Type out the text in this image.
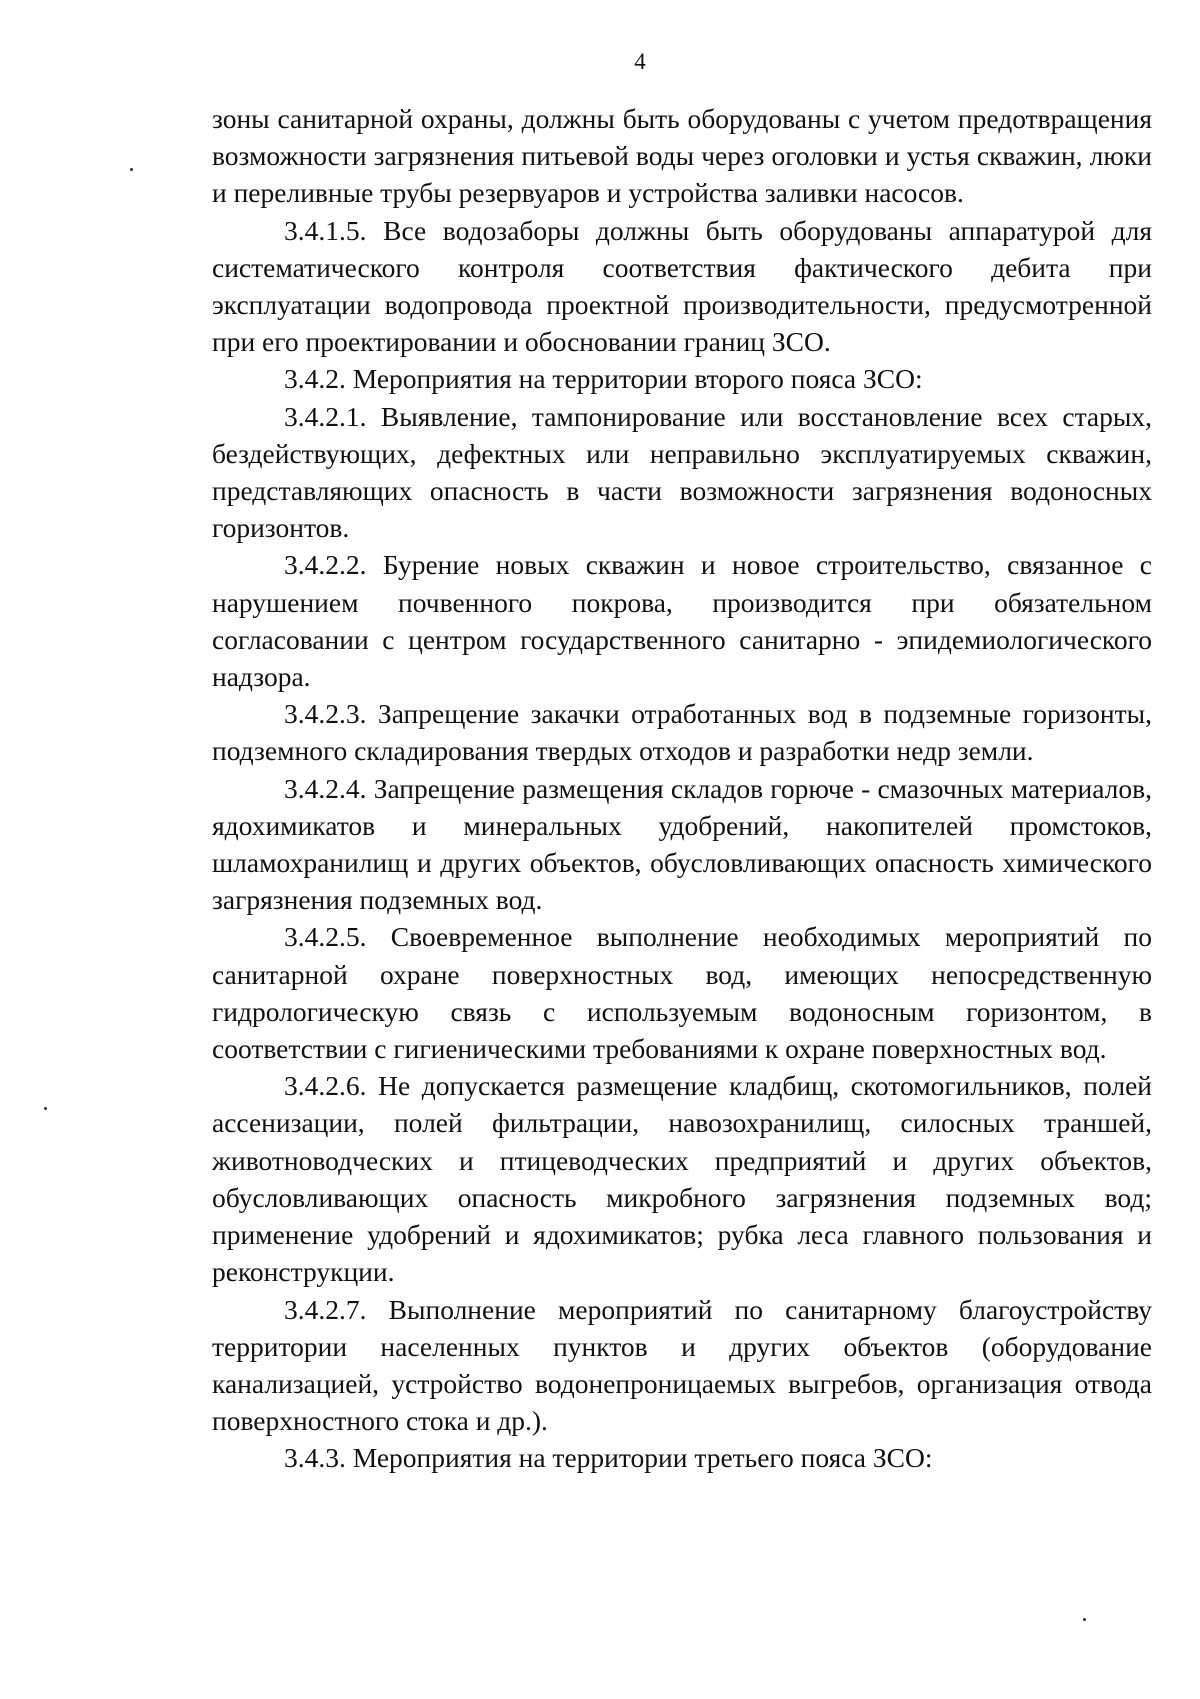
4

зоны санитарной охраны, должны быть оборудованы с учетом предотвращения возможности загрязнения питьевой воды через оголовки и устья скважин, люки и переливные трубы резервуаров и устройства заливки насосов.

3.4.1.5. Все водозаборы должны быть оборудованы аппаратурой для систематического контроля соответствия фактического дебита при эксплуатации водопровода проектной производительности, предусмотренной при его проектировании и обосновании границ ЗСО.

3.4.2. Мероприятия на территории второго пояса ЗСО:

3.4.2.1. Выявление, тампонирование или восстановление всех старых, бездействующих, дефектных или неправильно эксплуатируемых скважин, представляющих опасность в части возможности загрязнения водоносных горизонтов.

3.4.2.2. Бурение новых скважин и новое строительство, связанное с нарушением почвенного покрова, производится при обязательном согласовании с центром государственного санитарно - эпидемиологического надзора.

3.4.2.3. Запрещение закачки отработанных вод в подземные горизонты, подземного складирования твердых отходов и разработки недр земли.

3.4.2.4. Запрещение размещения складов горюче - смазочных материалов, ядохимикатов и минеральных удобрений, накопителей промстоков, шламохранилищ и других объектов, обусловливающих опасность химического загрязнения подземных вод.

3.4.2.5. Своевременное выполнение необходимых мероприятий по санитарной охране поверхностных вод, имеющих непосредственную гидрологическую связь с используемым водоносным горизонтом, в соответствии с гигиеническими требованиями к охране поверхностных вод.

3.4.2.6. Не допускается размещение кладбищ, скотомогильников, полей ассенизации, полей фильтрации, навозохранилищ, силосных траншей, животноводческих и птицеводческих предприятий и других объектов, обусловливающих опасность микробного загрязнения подземных вод; применение удобрений и ядохимикатов; рубка леса главного пользования и реконструкции.

3.4.2.7. Выполнение мероприятий по санитарному благоустройству территории населенных пунктов и других объектов (оборудование канализацией, устройство водонепроницаемых выгребов, организация отвода поверхностного стока и др.).

3.4.3. Мероприятия на территории третьего пояса ЗСО:
